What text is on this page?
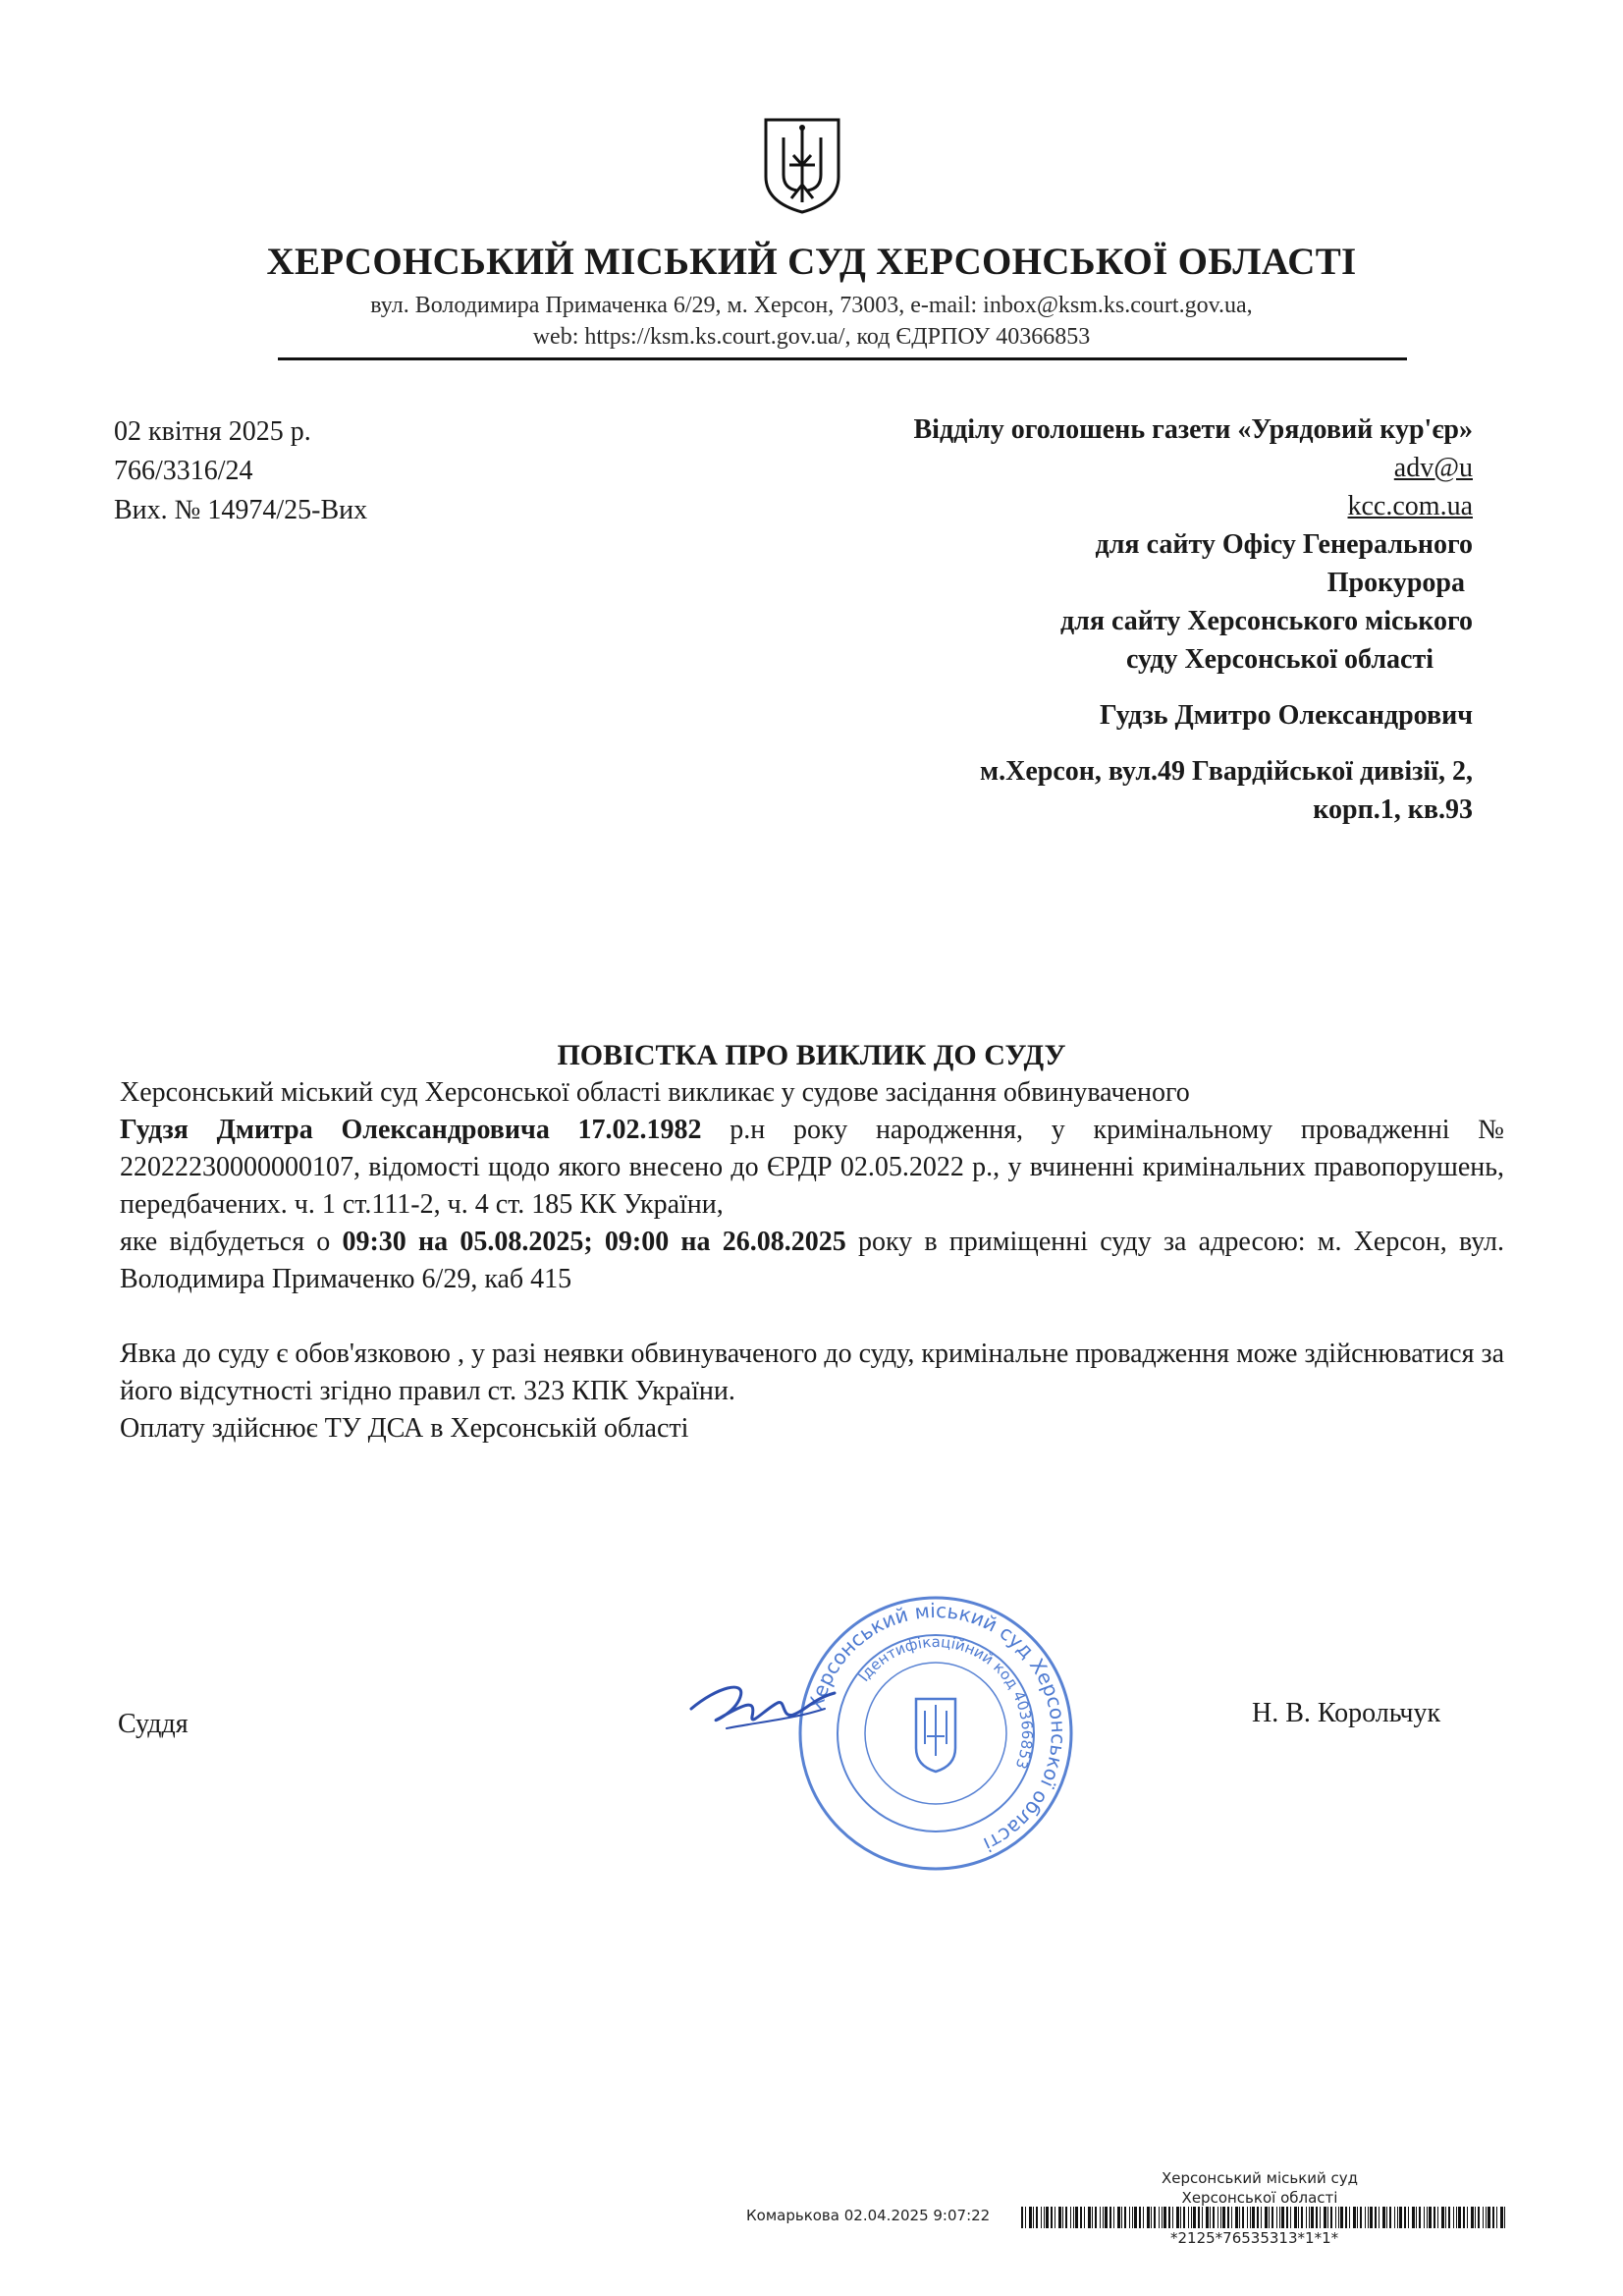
ХЕРСОНСЬКИЙ МІСЬКИЙ СУД ХЕРСОНСЬКОЇ ОБЛАСТІ
вул. Володимира Примаченка 6/29, м. Херсон, 73003, e-mail: inbox@ksm.ks.court.gov.ua,
web: https://ksm.ks.court.gov.ua/, код ЄДРПОУ 40366853
02 квітня 2025 р.
766/3316/24
Вих. № 14974/25-Вих
Відділу оголошень газети «Урядовий кур'єр»
adv@u
kcc.com.ua
для сайту Офісу Генерального
Прокурора
для сайту Херсонського міського
суду Херсонської області
Гудзь Дмитро Олександрович
м.Херсон, вул.49 Гвардійської дивізії, 2,
корп.1, кв.93
ПОВІСТКА ПРО ВИКЛИК ДО СУДУ

Херсонський міський суд Херсонської області викликає у судове засідання обвинуваченого

Гудзя Дмитра Олександровича 17.02.1982 р.н року народження, у кримінальному провадженні № 22022230000000107, відомості щодо якого внесено до ЄРДР 02.05.2022 р., у вчиненні кримінальних правопорушень, передбачених. ч. 1 ст.111-2, ч. 4 ст. 185 КК України,

яке відбудеться о 09:30 на 05.08.2025; 09:00 на 26.08.2025 року в приміщенні суду за адресою: м. Херсон, вул. Володимира Примаченко 6/29, каб 415

Явка до суду є обов'язковою , у разі неявки обвинуваченого до суду, кримінальне провадження може здійснюватися за його відсутності згідно правил ст. 323 КПК України.

Оплату здійснює ТУ ДСА в Херсонській області

Суддя
Херсонський міський суд Херсонської області
Ідентифікаційний код 40366853
Н. В. Корольчук
Херсонський міський суд
Херсонської області
Комарькова 02.04.2025 9:07:22
*2125*76535313*1*1*
